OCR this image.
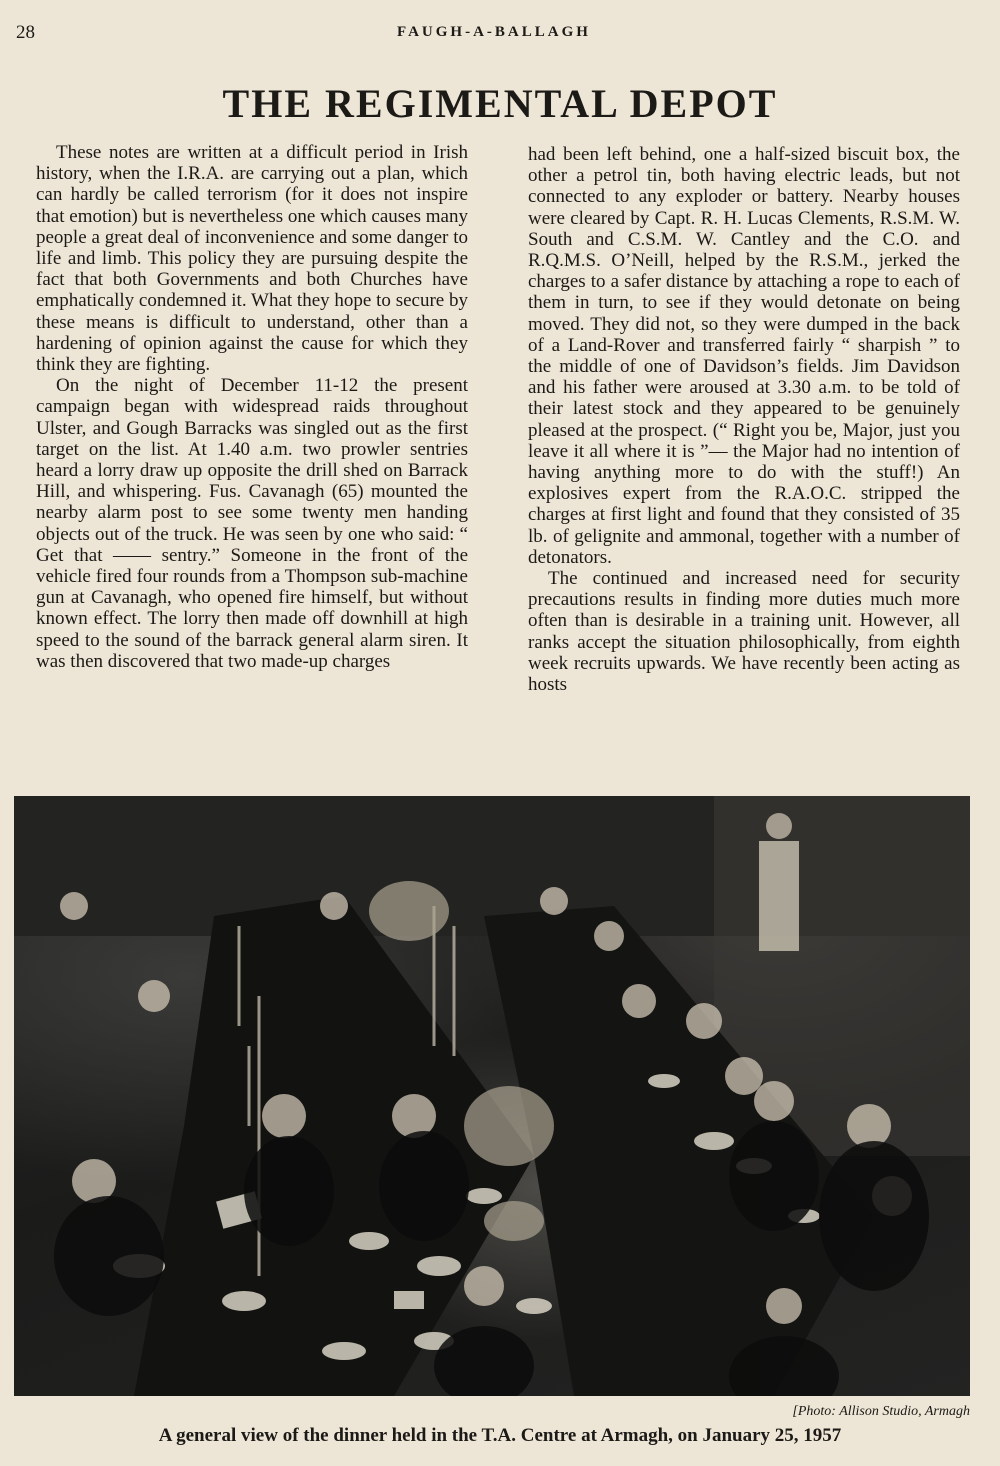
28	FAUGH-A-BALLAGH
THE REGIMENTAL DEPOT

These notes are written at a difficult period in Irish history, when the I.R.A. are carrying out a plan, which can hardly be called terrorism (for it does not inspire that emotion) but is nevertheless one which causes many people a great deal of inconvenience and some danger to life and limb. This policy they are pursuing despite the fact that both Governments and both Churches have emphatically condemned it. What they hope to secure by these means is difficult to understand, other than a hardening of opinion against the cause for which they think they are fighting.

On the night of December 11-12 the present campaign began with widespread raids throughout Ulster, and Gough Barracks was singled out as the first target on the list. At 1.40 a.m. two prowler sentries heard a lorry draw up opposite the drill shed on Barrack Hill, and whispering. Fus. Cavanagh (65) mounted the nearby alarm post to see some twenty men handing objects out of the truck. He was seen by one who said: “ Get that —— sentry.” Someone in the front of the vehicle fired four rounds from a Thompson sub-machine gun at Cavanagh, who opened fire himself, but without known effect. The lorry then made off downhill at high speed to the sound of the barrack general alarm siren. It was then discovered that two made-up charges

had been left behind, one a half-sized biscuit box, the other a petrol tin, both having electric leads, but not connected to any exploder or battery. Nearby houses were cleared by Capt. R. H. Lucas Clements, R.S.M. W. South and C.S.M. W. Cantley and the C.O. and R.Q.M.S. O’Neill, helped by the R.S.M., jerked the charges to a safer distance by attaching a rope to each of them in turn, to see if they would detonate on being moved. They did not, so they were dumped in the back of a Land-Rover and transferred fairly “ sharpish ” to the middle of one of Davidson’s fields. Jim Davidson and his father were aroused at 3.30 a.m. to be told of their latest stock and they appeared to be genuinely pleased at the prospect. (“ Right you be, Major, just you leave it all where it is ”— the Major had no intention of having anything more to do with the stuff!) An explosives expert from the R.A.O.C. stripped the charges at first light and found that they consisted of 35 lb. of gelignite and ammonal, together with a number of detonators.

The continued and increased need for security precautions results in finding more duties much more often than is desirable in a training unit. However, all ranks accept the situation philosophically, from eighth week recruits upwards. We have recently been acting as hosts

[Photo: Allison Studio, Armagh

A general view of the dinner held in the T.A. Centre at Armagh, on January 25, 1957
